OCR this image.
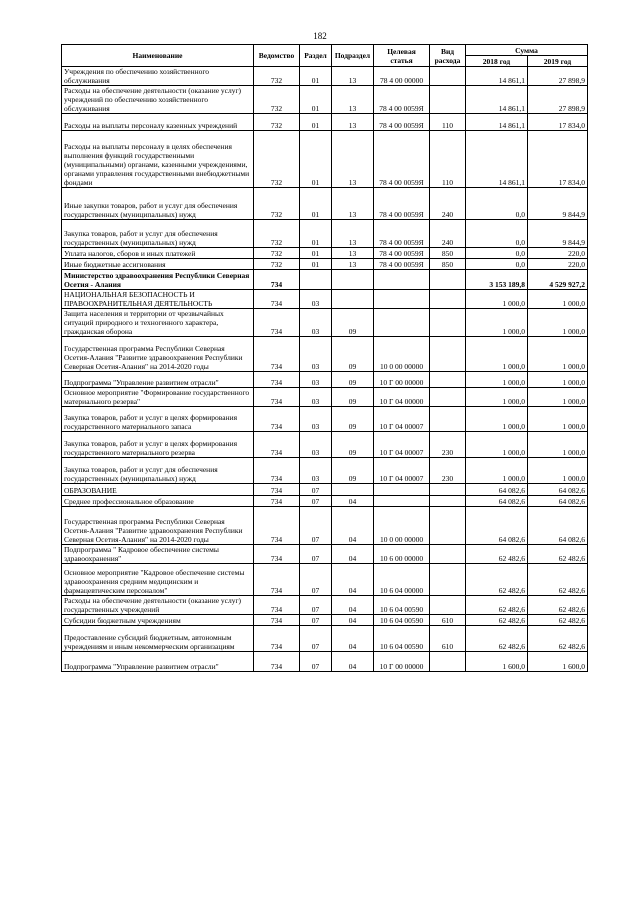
182
Наименование	Ведомство	Раздел	Подраздел	Целевая статья	Вид расхода	Сумма	
						2018 год	2019 год
Учреждения по обеспечению хозяйственного обслуживания	732	01	13	78 4 00 00000		14 861,1	27 898,9
Расходы на обеспечение деятельности (оказание услуг) учреждений по обеспечению хозяйственного обслуживания	732	01	13	78 4 00 0059Я		14 861,1	27 898,9
Расходы на выплаты персоналу казенных учреждений	732	01	13	78 4 00 0059Я	110	14 861,1	17 834,0
Расходы на выплаты персоналу в целях обеспечения выполнения функций государственными (муниципальными) органами, казенными учреждениями, органами управления государственными внебюджетными фондами	732	01	13	78 4 00 0059Я	110	14 861,1	17 834,0
Иные закупки товаров, работ и услуг для обеспечения государственных (муниципальных) нужд	732	01	13	78 4 00 0059Я	240	0,0	9 844,9
Закупка товаров, работ и услуг для обеспечения государственных (муниципальных) нужд	732	01	13	78 4 00 0059Я	240	0,0	9 844,9
Уплата налогов, сборов и иных платежей	732	01	13	78 4 00 0059Я	850	0,0	220,0
Иные бюджетные ассигнования	732	01	13	78 4 00 0059Я	850	0,0	220,0
Министерство здравоохранения Республики Северная Осетия - Алания	734					3 153 189,8	4 529 927,2
НАЦИОНАЛЬНАЯ БЕЗОПАСНОСТЬ И ПРАВООХРАНИТЕЛЬНАЯ ДЕЯТЕЛЬНОСТЬ	734	03				1 000,0	1 000,0
Защита населения и территории от чрезвычайных ситуаций природного и техногенного характера, гражданская оборона	734	03	09			1 000,0	1 000,0
Государственная программа Республики Северная Осетия-Алания "Развитие здравоохранения Республики Северная Осетия-Алания" на 2014-2020 годы	734	03	09	10 0 00 00000		1 000,0	1 000,0
Подпрограмма "Управление развитием отрасли"	734	03	09	10 Г 00 00000		1 000,0	1 000,0
Основное мероприятие "Формирование государственного материального резерва"	734	03	09	10 Г 04 00000		1 000,0	1 000,0
Закупка товаров, работ и услуг в целях формирования государственного материального запаса	734	03	09	10 Г 04 00007		1 000,0	1 000,0
Закупка товаров, работ и услуг в целях формирования государственного материального резерва	734	03	09	10 Г 04 00007	230	1 000,0	1 000,0
Закупка товаров, работ и услуг для обеспечения государственных (муниципальных) нужд	734	03	09	10 Г 04 00007	230	1 000,0	1 000,0
ОБРАЗОВАНИЕ	734	07				64 082,6	64 082,6
Среднее профессиональное образование	734	07	04			64 082,6	64 082,6
Государственная программа Республики Северная Осетия-Алания "Развитие здравоохранения Республики Северная Осетия-Алания" на 2014-2020 годы	734	07	04	10 0 00 00000		64 082,6	64 082,6
Подпрограмма " Кадровое обеспечение системы здравоохранения"	734	07	04	10 6 00 00000		62 482,6	62 482,6
Основное мероприятие "Кадровое обеспечение системы здравоохранения средним медицинским и фармацевтическим персоналом"	734	07	04	10 6 04 00000		62 482,6	62 482,6
Расходы на обеспечение деятельности (оказание услуг) государственных учреждений	734	07	04	10 6 04 00590		62 482,6	62 482,6
Субсидии бюджетным учреждениям	734	07	04	10 6 04 00590	610	62 482,6	62 482,6
Предоставление субсидий бюджетным, автономным учреждениям и иным некоммерческим организациям	734	07	04	10 6 04 00590	610	62 482,6	62 482,6
Подпрограмма "Управление развитием отрасли"	734	07	04	10 Г 00 00000		1 600,0	1 600,0
